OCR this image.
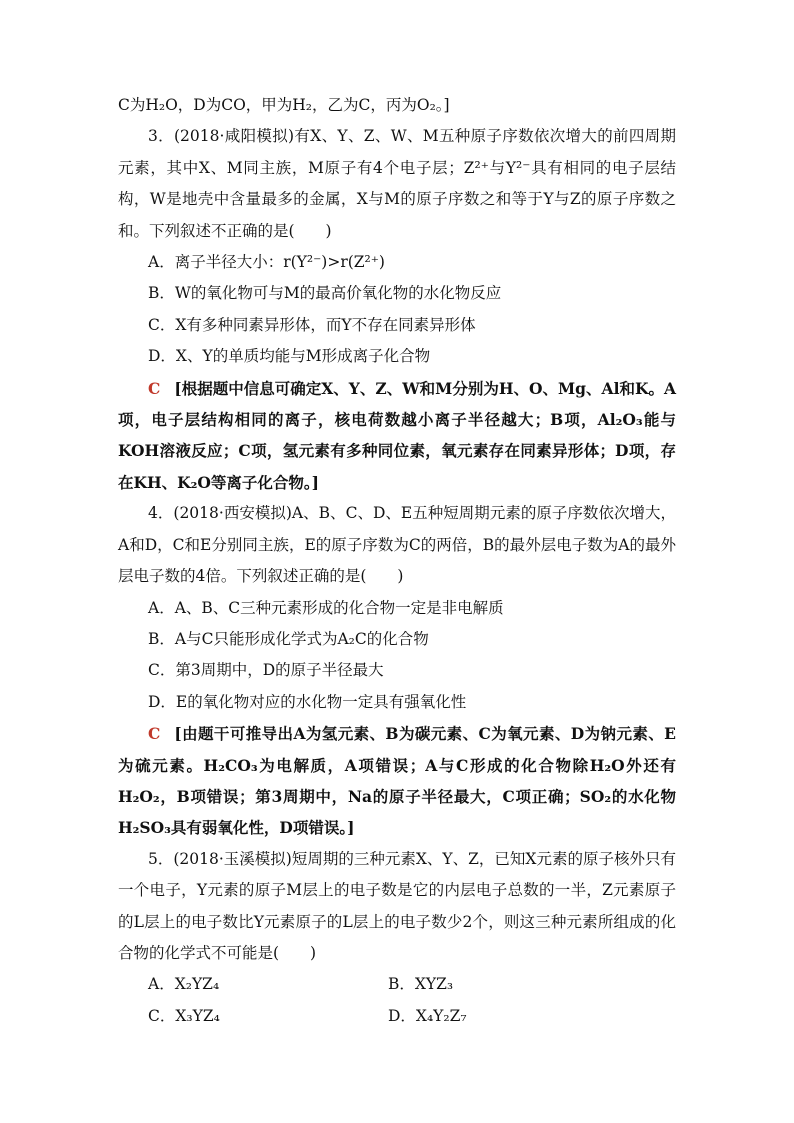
C为H₂O，D为CO，甲为H₂，乙为C，丙为O₂。]

3．(2018·咸阳模拟)有X、Y、Z、W、M五种原子序数依次增大的前四周期元素，其中X、M同主族，M原子有4个电子层；Z²⁺与Y²⁻具有相同的电子层结构，W是地壳中含量最多的金属，X与M的原子序数之和等于Y与Z的原子序数之和。下列叙述不正确的是(　　)

A．离子半径大小：r(Y²⁻)>r(Z²⁺)

B．W的氧化物可与M的最高价氧化物的水化物反应

C．X有多种同素异形体，而Y不存在同素异形体

D．X、Y的单质均能与M形成离子化合物

C [根据题中信息可确定X、Y、Z、W和M分别为H、O、Mg、Al和K。A项，电子层结构相同的离子，核电荷数越小离子半径越大；B项，Al₂O₃能与KOH溶液反应；C项，氢元素有多种同位素，氧元素存在同素异形体；D项，存在KH、K₂O等离子化合物。]

4．(2018·西安模拟)A、B、C、D、E五种短周期元素的原子序数依次增大，A和D，C和E分别同主族，E的原子序数为C的两倍，B的最外层电子数为A的最外层电子数的4倍。下列叙述正确的是(　　)

A．A、B、C三种元素形成的化合物一定是非电解质

B．A与C只能形成化学式为A₂C的化合物

C．第3周期中，D的原子半径最大

D．E的氧化物对应的水化物一定具有强氧化性

C [由题干可推导出A为氢元素、B为碳元素、C为氧元素、D为钠元素、E为硫元素。H₂CO₃为电解质，A项错误；A与C形成的化合物除H₂O外还有H₂O₂，B项错误；第3周期中，Na的原子半径最大，C项正确；SO₂的水化物H₂SO₃具有弱氧化性，D项错误。]

5．(2018·玉溪模拟)短周期的三种元素X、Y、Z，已知X元素的原子核外只有一个电子，Y元素的原子M层上的电子数是它的内层电子总数的一半，Z元素原子的L层上的电子数比Y元素原子的L层上的电子数少2个，则这三种元素所组成的化合物的化学式不可能是(　　)

A．X₂YZ₄	B．XYZ₃
C．X₃YZ₄	D．X₄Y₂Z₇
